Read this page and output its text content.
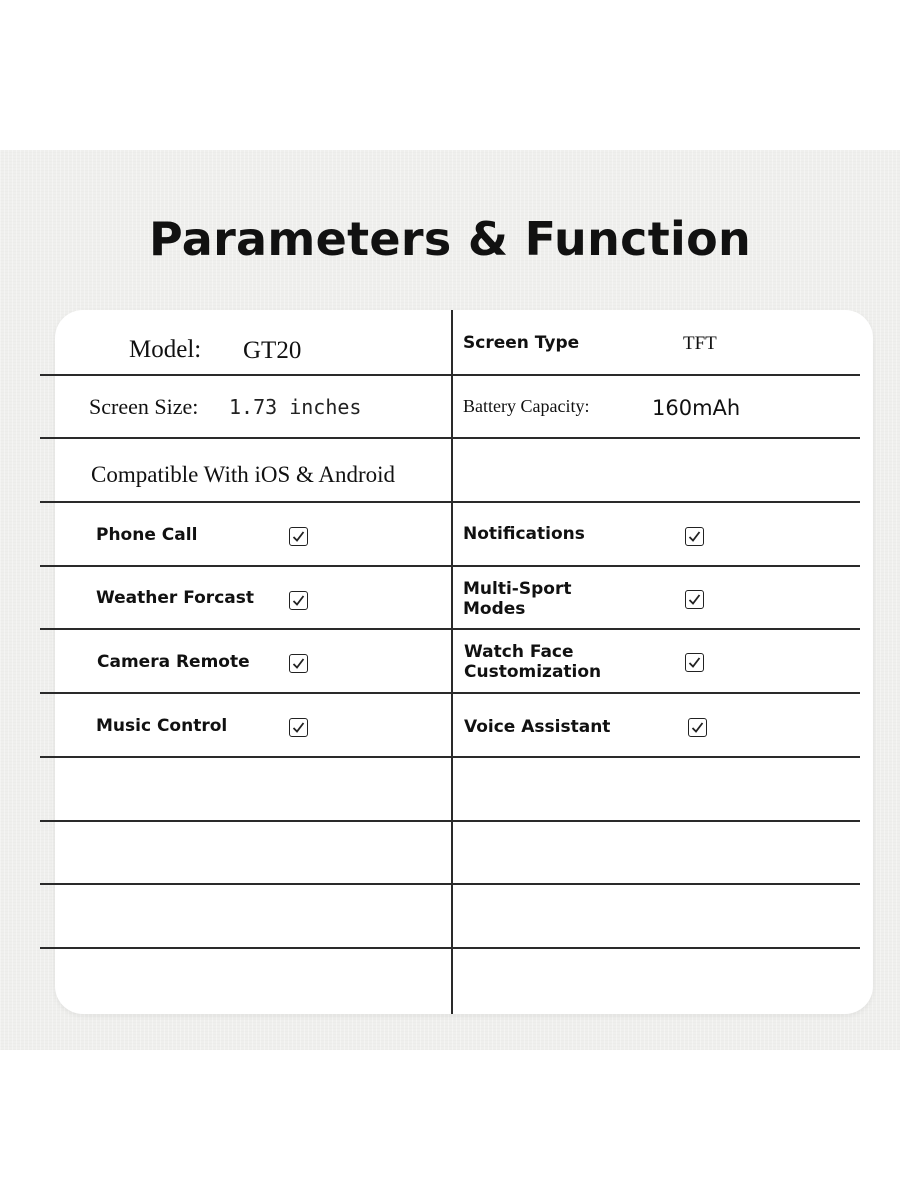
Parameters & Function
Model: GT20	Screen Type	TFT
Screen Size: 1.73 inches	Battery Capacity:	160mAh
Compatible With iOS & Android
Phone Call	Notifications
Weather Forcast	Multi-Sport
Modes
Camera Remote	Watch Face
Customization
Music Control	Voice Assistant
